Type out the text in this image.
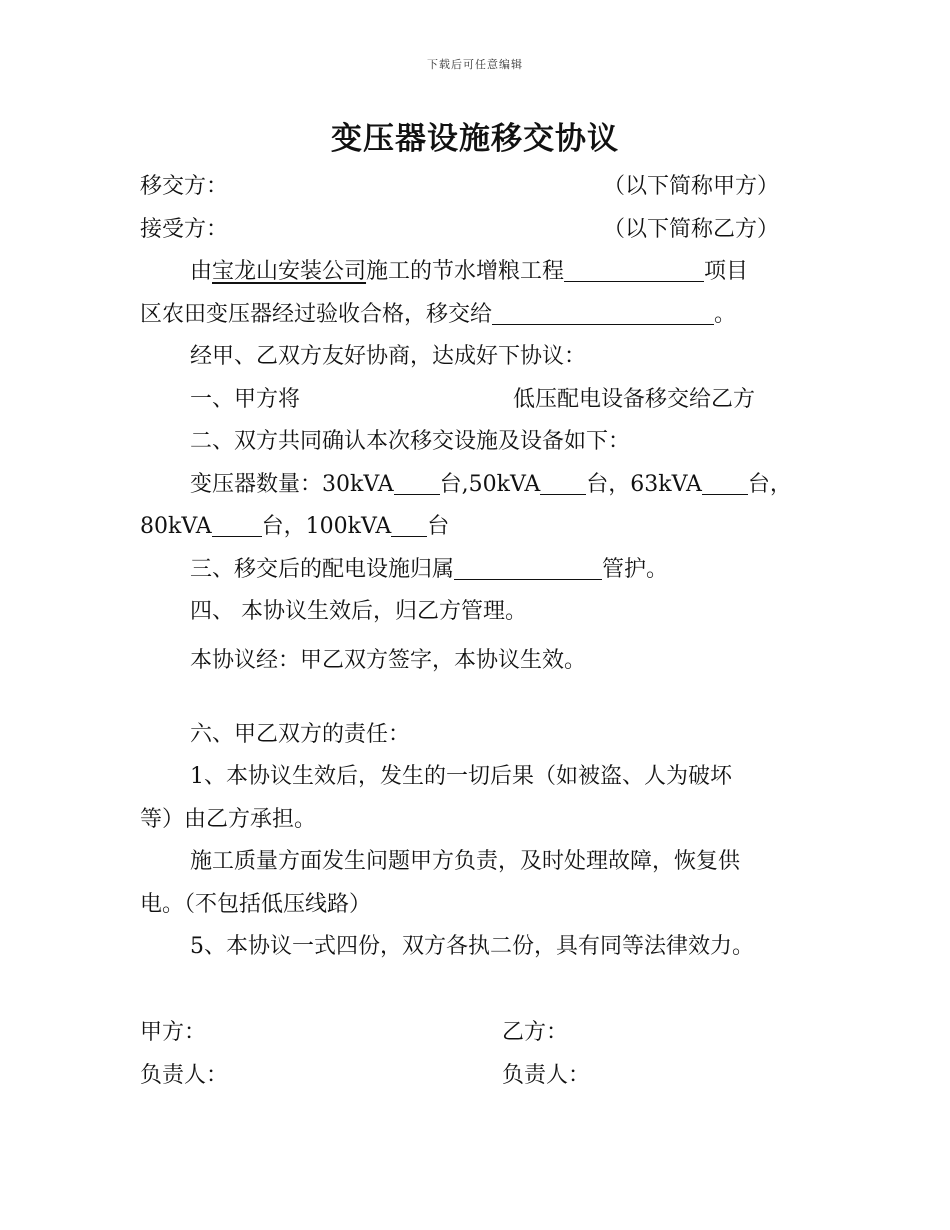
下载后可任意编辑
变压器设施移交协议
移交方：	（以下简称甲方）
接受方：	（以下简称乙方）
由宝龙山安装公司施工的节水增粮工程	项目
区农田变压器经过验收合格，移交给	。
经甲、乙双方友好协商，达成好下协议：
一、甲方将	低压配电设备移交给乙方
二、双方共同确认本次移交设施及设备如下：
变压器数量：30kVA 台,50kVA 台，63kVA 台，
80kVA 台，100kVA 台
三、移交后的配电设施归属	管护。
四、 本协议生效后，归乙方管理。
本协议经：甲乙双方签字，本协议生效。
六、甲乙双方的责任：
1、本协议生效后，发生的一切后果（如被盗、人为破坏
等）由乙方承担。
施工质量方面发生问题甲方负责，及时处理故障，恢复供
电。（不包括低压线路）
5、本协议一式四份，双方各执二份，具有同等法律效力。
甲方：	乙方：
负责人：	负责人：
